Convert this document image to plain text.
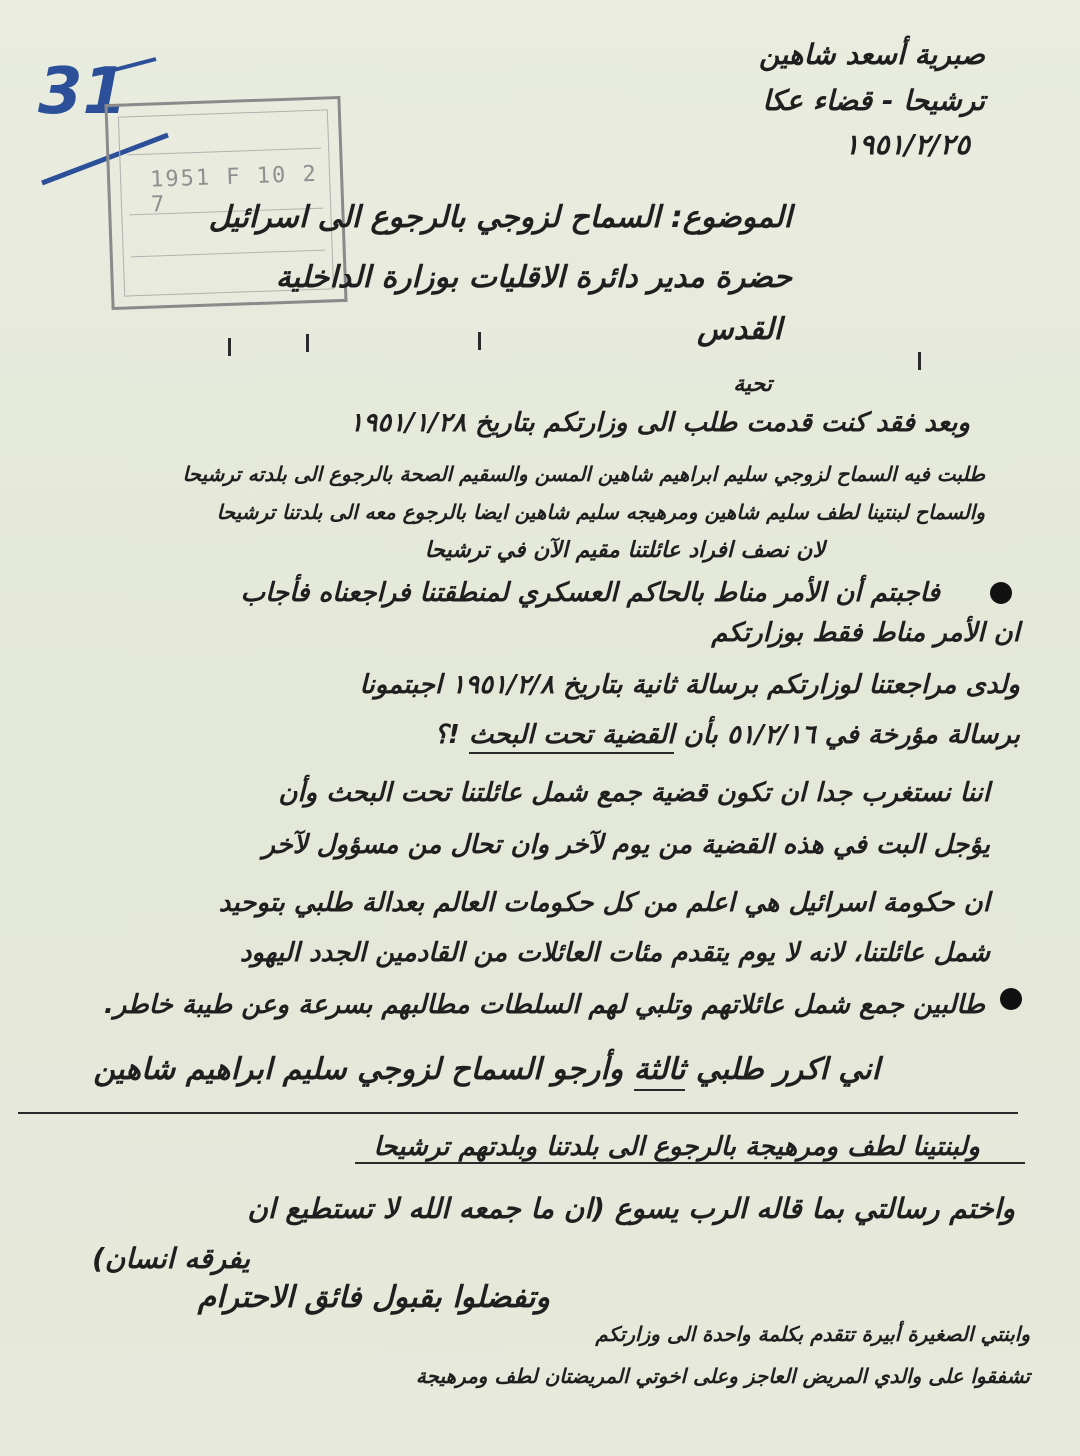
31
1951 F 10 2 7
صبرية أسعد شاهين
ترشيحا - قضاء عكا
١٩٥١/٢/٢٥
الموضوع: السماح لزوجي بالرجوع الى اسرائيل
حضرة مدير دائرة الاقليات بوزارة الداخلية
القدس
تحية
وبعد فقد كنت قدمت طلب الى وزارتكم بتاريخ ١٩٥١/١/٢٨
طلبت فيه السماح لزوجي سليم ابراهيم شاهين المسن والسقيم الصحة بالرجوع الى بلدته ترشيحا
والسماح لبنتينا لطف سليم شاهين ومرهيجه سليم شاهين ايضا بالرجوع معه الى بلدتنا ترشيحا
لان نصف افراد عائلتنا مقيم الآن في ترشيحا
فاجبتم أن الأمر مناط بالحاكم العسكري لمنطقتنا فراجعناه فأجاب
ان الأمر مناط فقط بوزارتكم
ولدى مراجعتنا لوزارتكم برسالة ثانية بتاريخ ١٩٥١/٢/٨ اجبتمونا
برسالة مؤرخة في ٥١/٢/١٦ بأن القضية تحت البحث !؟
اننا نستغرب جدا ان تكون قضية جمع شمل عائلتنا تحت البحث وأن
يؤجل البت في هذه القضية من يوم لآخر وان تحال من مسؤول لآخر
ان حكومة اسرائيل هي اعلم من كل حكومات العالم بعدالة طلبي بتوحيد
شمل عائلتنا، لانه لا يوم يتقدم مئات العائلات من القادمين الجدد اليهود
طالبين جمع شمل عائلاتهم وتلبي لهم السلطات مطالبهم بسرعة وعن طيبة خاطر.
اني اكرر طلبي ثالثة وأرجو السماح لزوجي سليم ابراهيم شاهين
ولبنتينا لطف ومرهيجة بالرجوع الى بلدتنا وبلدتهم ترشيحا
واختم رسالتي بما قاله الرب يسوع (ان ما جمعه الله لا تستطيع ان
يفرقه انسان)
وتفضلوا بقبول فائق الاحترام
وابنتي الصغيرة أبيرة تتقدم بكلمة واحدة الى وزارتكم
تشفقوا على والدي المريض العاجز وعلى اخوتي المريضتان لطف ومرهيجة
